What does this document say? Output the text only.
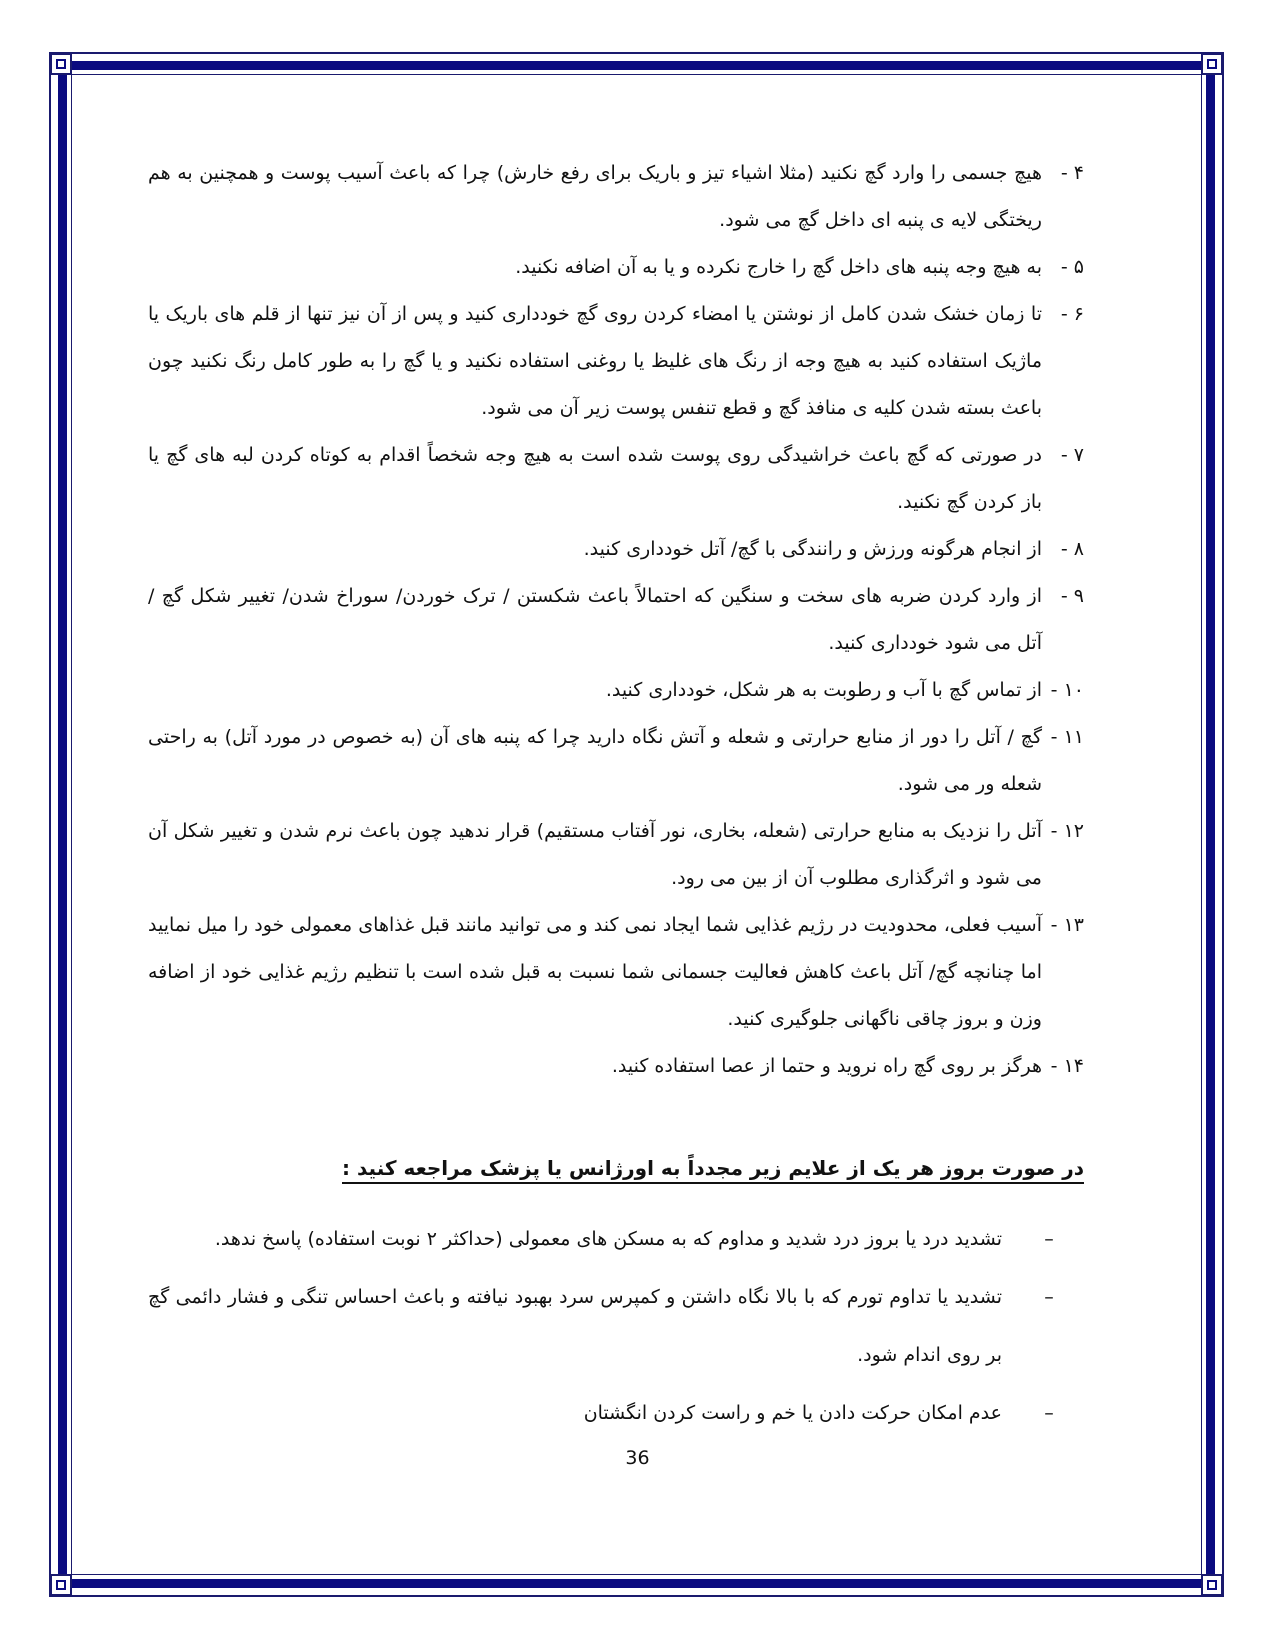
۴ -
هیچ جسمی را وارد گچ نکنید (مثلا اشیاء تیز و باریک برای رفع خارش) چرا که باعث آسیب پوست و همچنین به هم ریختگی لایه ی پنبه ای داخل گچ می شود.
۵ -
به هیچ وجه پنبه های داخل گچ را خارج نکرده و یا به آن اضافه نکنید.
۶ -
تا زمان خشک شدن کامل از نوشتن یا امضاء کردن روی گچ خودداری کنید و پس از آن نیز تنها از قلم های باریک یا ماژیک استفاده کنید به هیچ وجه از رنگ های غلیظ یا روغنی استفاده نکنید و یا گچ را به طور کامل رنگ نکنید چون باعث بسته شدن کلیه ی منافذ گچ و قطع تنفس پوست زیر آن می شود.
۷ -
در صورتی که گچ باعث خراشیدگی روی پوست شده است به هیچ وجه شخصاً اقدام به کوتاه کردن لبه های گچ یا باز کردن گچ نکنید.
۸ -
از انجام هرگونه ورزش و رانندگی با گچ/ آتل خودداری کنید.
۹ -
از وارد کردن ضربه های سخت و سنگین که احتمالاً باعث شکستن / ترک خوردن/ سوراخ شدن/ تغییر شکل گچ / آتل می شود خودداری کنید.
۱۰ -
از تماس گچ با آب و رطوبت به هر شکل، خودداری کنید.
۱۱ -
گچ / آتل را دور از منابع حرارتی و شعله و آتش نگاه دارید چرا که پنبه های آن (به خصوص در مورد آتل) به راحتی شعله ور می شود.
۱۲ -
آتل را نزدیک به منابع حرارتی (شعله، بخاری، نور آفتاب مستقیم) قرار ندهید چون باعث نرم شدن و تغییر شکل آن می شود و اثرگذاری مطلوب آن از بین می رود.
۱۳ -
آسیب فعلی، محدودیت در رژیم غذایی شما ایجاد نمی کند و می توانید مانند قبل غذاهای معمولی خود را میل نمایید اما چنانچه گچ/ آتل باعث کاهش فعالیت جسمانی شما نسبت به قبل شده است با تنظیم رژیم غذایی خود از اضافه وزن و بروز چاقی ناگهانی جلوگیری کنید.
۱۴ -
هرگز بر روی گچ راه نروید و حتما از عصا استفاده کنید.
در صورت بروز هر یک از علایم زیر مجدداً به اورژانس یا پزشک مراجعه کنید :
–
تشدید درد یا بروز درد شدید و مداوم که به مسکن های معمولی (حداکثر ۲ نوبت استفاده) پاسخ ندهد.
–
تشدید یا تداوم تورم که با بالا نگاه داشتن و کمپرس سرد بهبود نیافته و باعث احساس تنگی و فشار دائمی گچ بر روی اندام شود.
–
عدم امکان حرکت دادن یا خم و راست کردن انگشتان
36
